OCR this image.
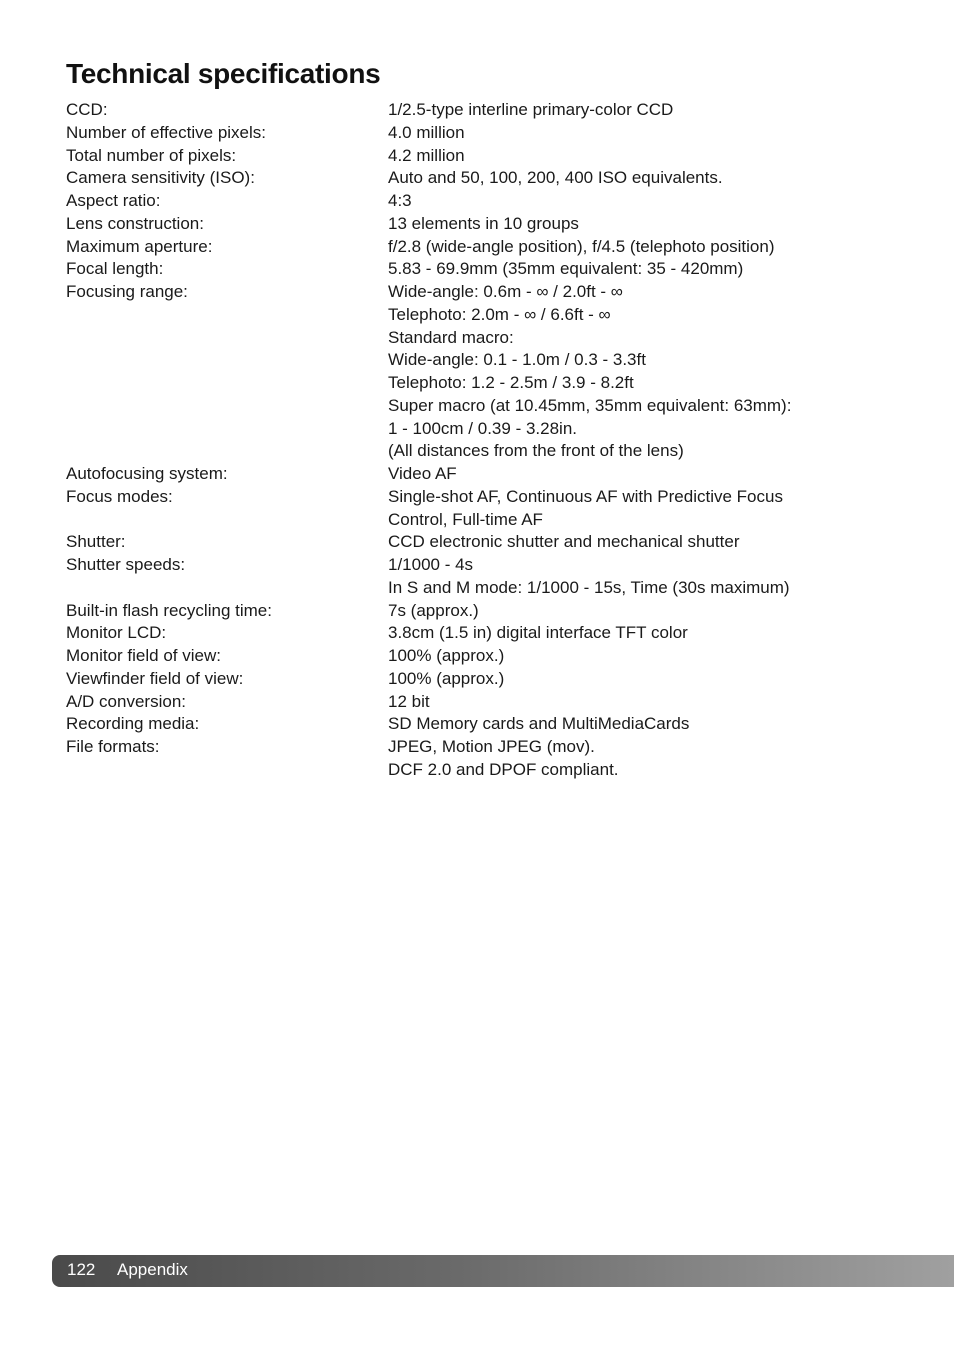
Technical specifications
CCD:	1/2.5-type interline primary-color CCD
Number of effective pixels:	4.0 million
Total number of pixels:	4.2 million
Camera sensitivity (ISO):	Auto and 50, 100, 200, 400 ISO equivalents.
Aspect ratio:	4:3
Lens construction:	13 elements in 10 groups
Maximum aperture:	f/2.8 (wide-angle position), f/4.5 (telephoto position)
Focal length:	5.83 - 69.9mm (35mm equivalent: 35 - 420mm)
Focusing range:	Wide-angle: 0.6m - ∞ / 2.0ft - ∞
Telephoto: 2.0m - ∞ / 6.6ft - ∞
Standard macro:
Wide-angle: 0.1 - 1.0m / 0.3 - 3.3ft
Telephoto: 1.2 - 2.5m / 3.9 - 8.2ft
Super macro (at 10.45mm, 35mm equivalent: 63mm):
1 - 100cm / 0.39 - 3.28in.
(All distances from the front of the lens)
Autofocusing system:	Video AF
Focus modes:	Single-shot AF, Continuous AF with Predictive Focus
Control, Full-time AF
Shutter:	CCD electronic shutter and mechanical shutter
Shutter speeds:	1/1000 - 4s
In S and M mode: 1/1000 - 15s, Time (30s maximum)
Built-in flash recycling time:	7s (approx.)
Monitor LCD:	3.8cm (1.5 in) digital interface TFT color
Monitor field of view:	100% (approx.)
Viewfinder field of view:	100% (approx.)
A/D conversion:	12 bit
Recording media:	SD Memory cards and MultiMediaCards
File formats:	JPEG, Motion JPEG (mov).
DCF 2.0 and DPOF compliant.
122 Appendix
